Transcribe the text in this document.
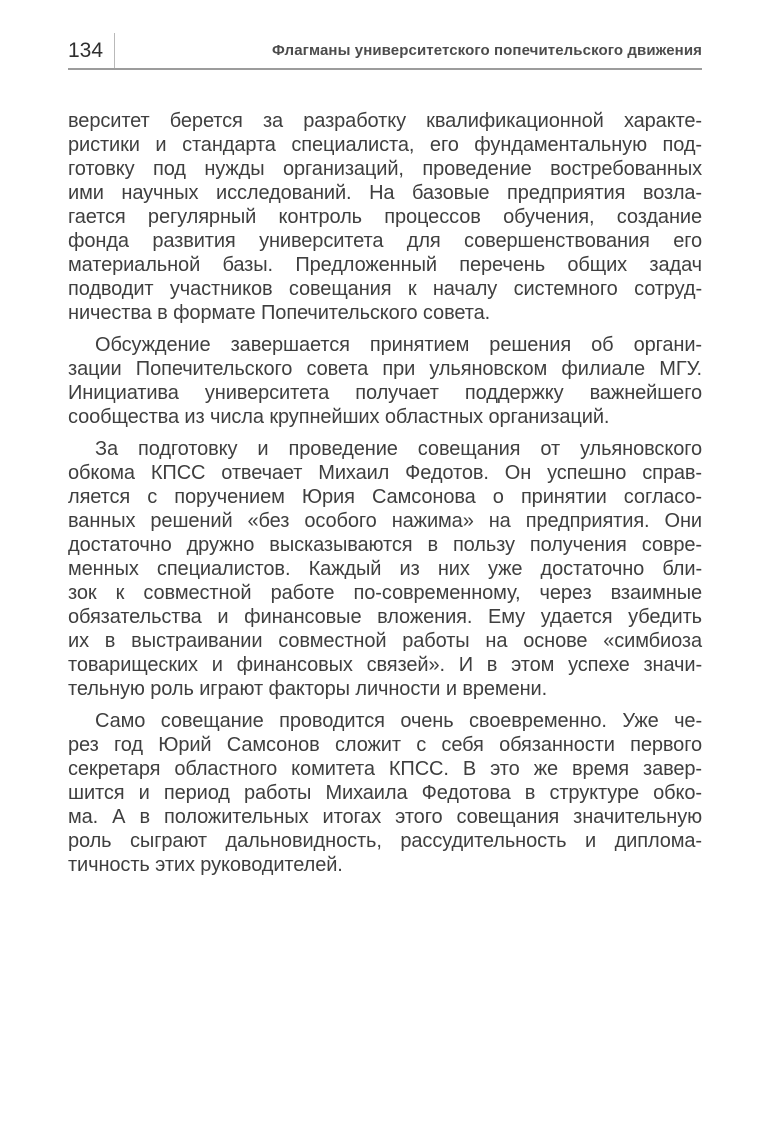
134	Флагманы университетского попечительского движения
верситет берется за разработку квалификационной характе-
ристики и стандарта специалиста, его фундаментальную под-
готовку под нужды организаций, проведение востребованных
ими научных исследований. На базовые предприятия возла-
гается регулярный контроль процессов обучения, создание
фонда развития университета для совершенствования его
материальной базы. Предложенный перечень общих задач
подводит участников совещания к началу системного сотруд-
ничества в формате Попечительского совета.
Обсуждение завершается принятием решения об органи-
зации Попечительского совета при ульяновском филиале МГУ.
Инициатива университета получает поддержку важнейшего
сообщества из числа крупнейших областных организаций.
За подготовку и проведение совещания от ульяновского
обкома КПСС отвечает Михаил Федотов. Он успешно справ-
ляется с поручением Юрия Самсонова о принятии согласо-
ванных решений «без особого нажима» на предприятия. Они
достаточно дружно высказываются в пользу получения совре-
менных специалистов. Каждый из них уже достаточно бли-
зок к совместной работе по-современному, через взаимные
обязательства и финансовые вложения. Ему удается убедить
их в выстраивании совместной работы на основе «симбиоза
товарищеских и финансовых связей». И в этом успехе значи-
тельную роль играют факторы личности и времени.
Само совещание проводится очень своевременно. Уже че-
рез год Юрий Самсонов сложит с себя обязанности первого
секретаря областного комитета КПСС. В это же время завер-
шится и период работы Михаила Федотова в структуре обко-
ма. А в положительных итогах этого совещания значительную
роль сыграют дальновидность, рассудительность и диплома-
тичность этих руководителей.
